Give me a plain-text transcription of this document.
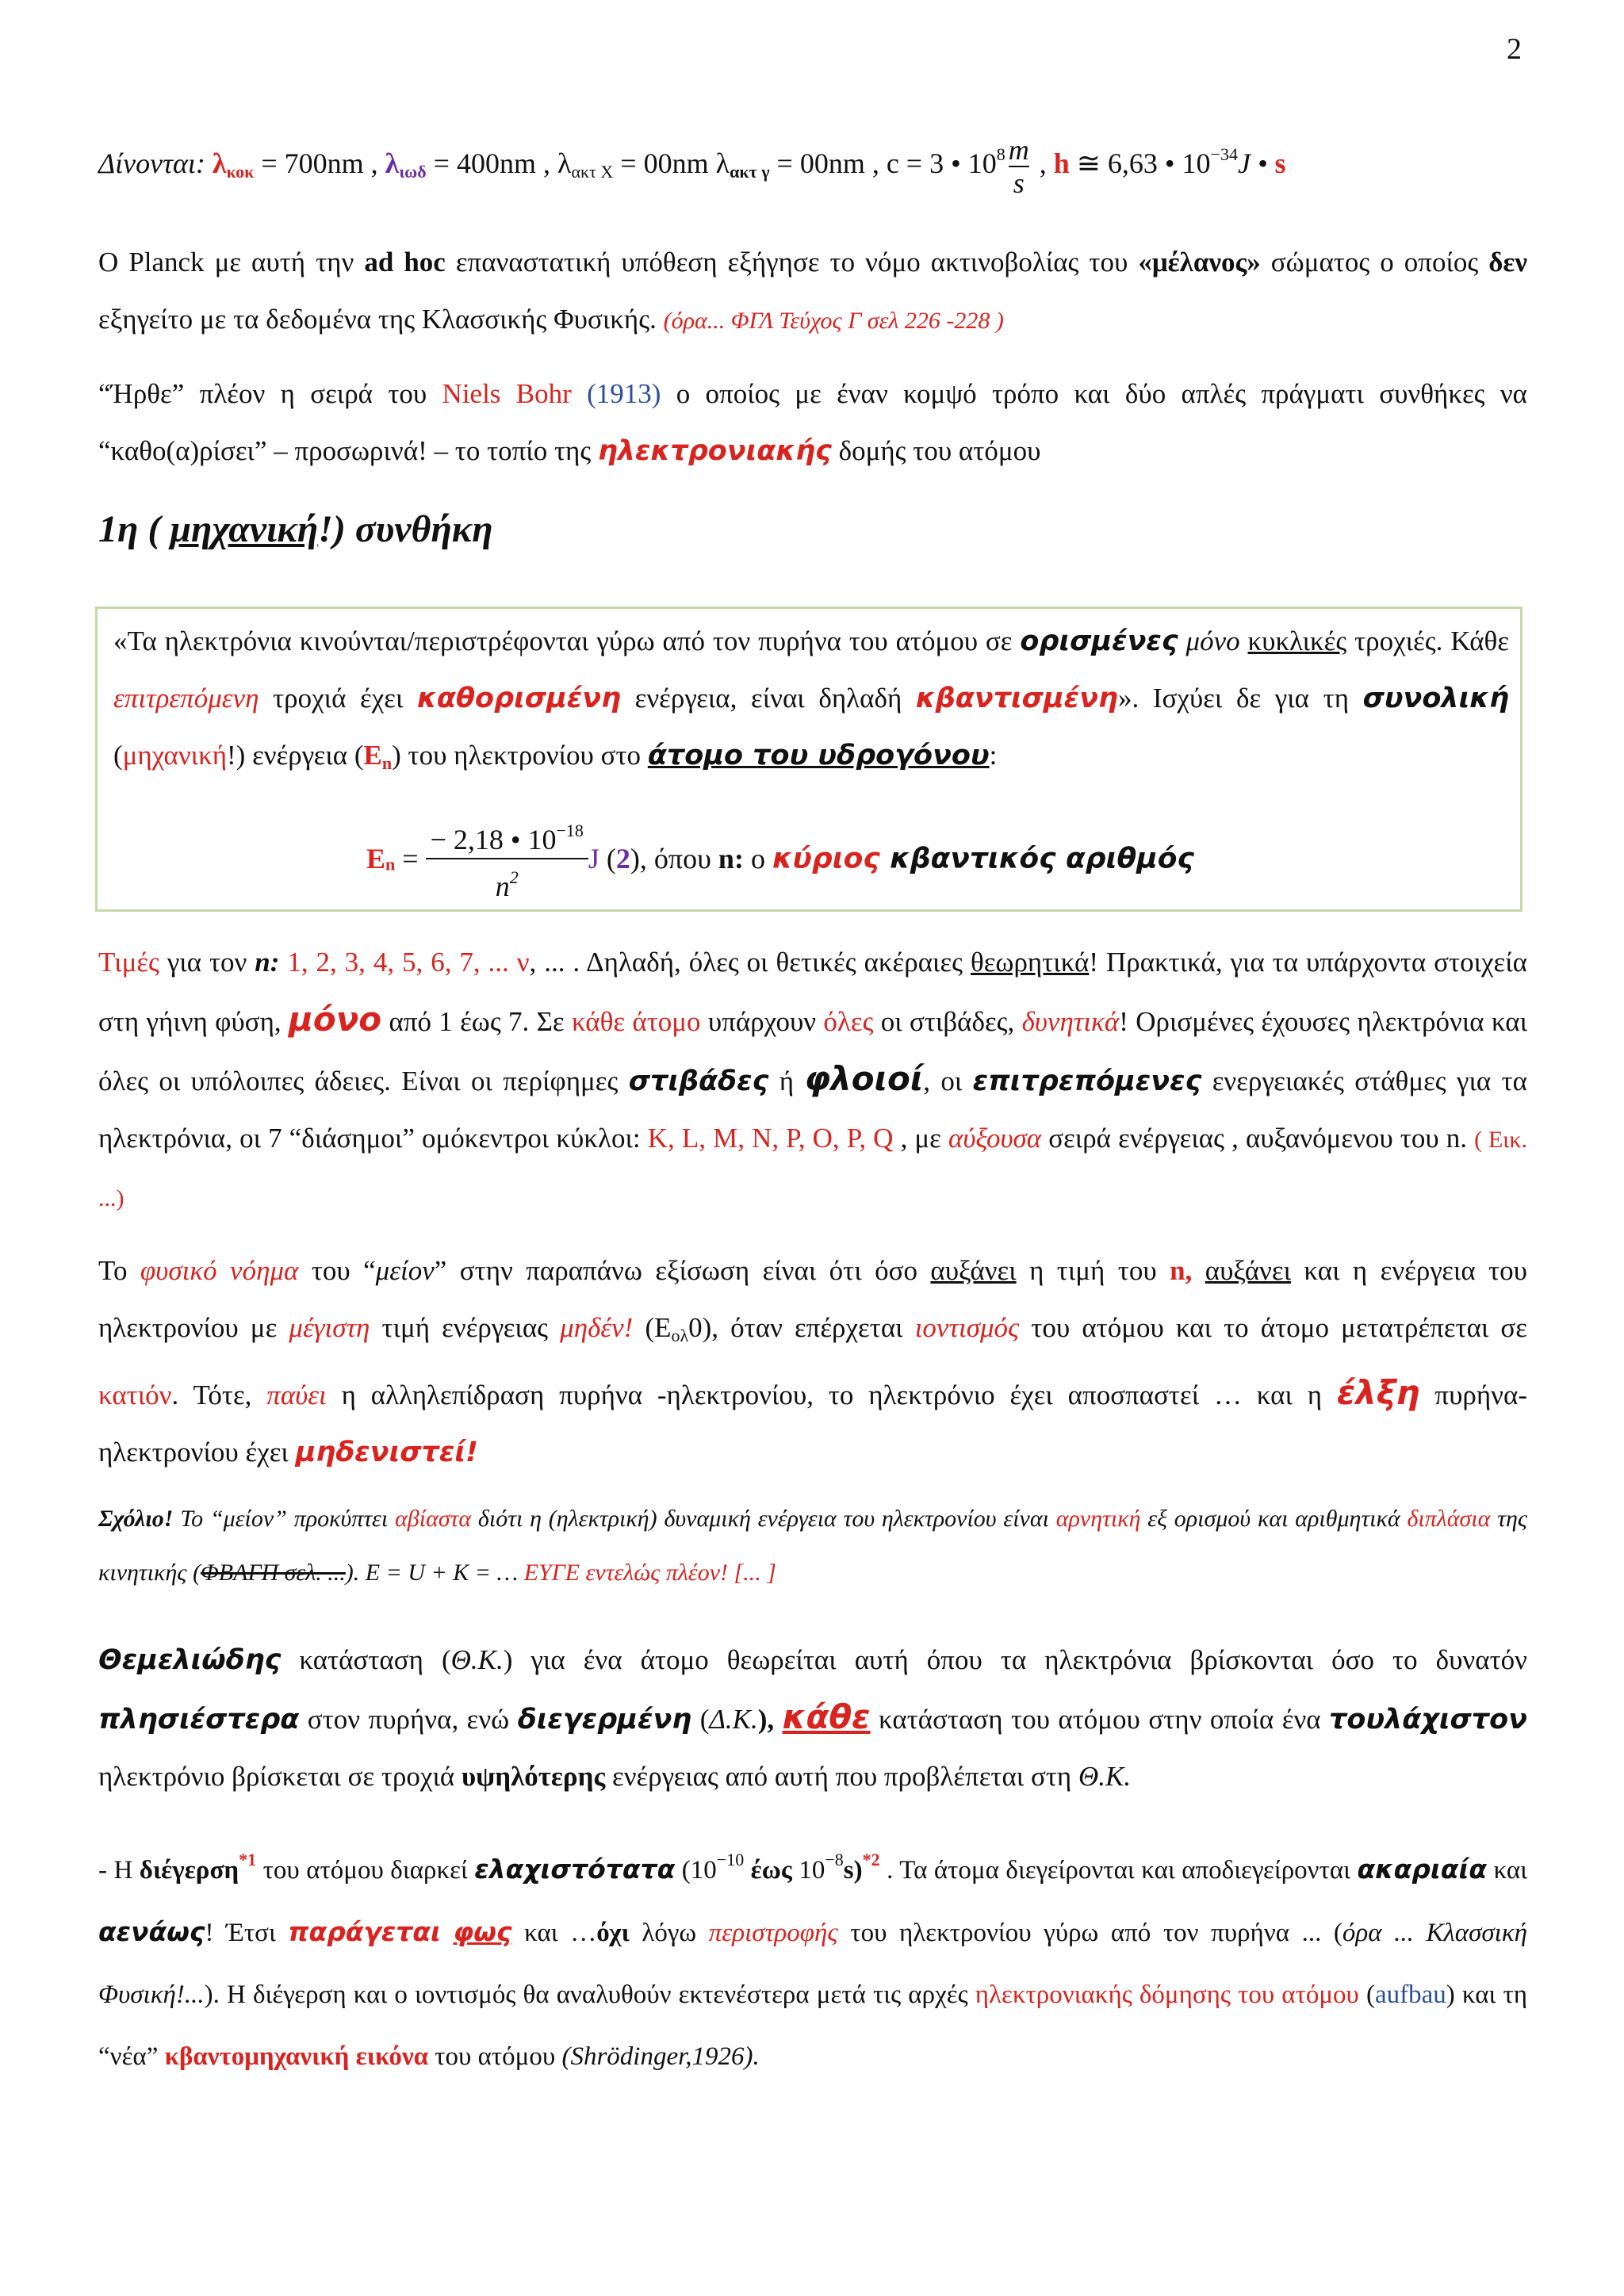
2
Δίνονται: $\lambda_{\kappa o\kappa} = 700nm$ , $\lambda_{\iota\omega\delta} = 400nm$ , $\lambda_{\alpha\kappa\tau X} = 00nm$ $\lambda_{\alpha\kappa\tau \gamma} = 00nm$ , c = 3 • $10^8 \frac{m}{s}$ , h ≅ 6,63 • $10^{-34}J$ • s

Ο Planck με αυτή την ad hoc επαναστατική υπόθεση εξήγησε το νόμο ακτινοβολίας του «μέλανος» σώματος ο οποίος δεν εξηγείτο με τα δεδομένα της Κλασσικής Φυσικής. (όρα... ΦΓΛ Τεύχος Γ σελ 226 -228 )

“Ήρθε” πλέον η σειρά του Niels Bohr (1913) ο οποίος με έναν κομψό τρόπο και δύο απλές πράγματι συνθήκες να “καθο(α)ρίσει” – προσωρινά! – το τοπίο της ηλεκτρονιακής δομής του ατόμου

1η ( μηχανική!) συνθήκη

«Τα ηλεκτρόνια κινούνται/περιστρέφονται γύρω από τον πυρήνα του ατόμου σε ορισμένες μόνο κυκλικές τροχιές. Κάθε επιτρεπόμενη τροχιά έχει καθορισμένη ενέργεια, είναι δηλαδή κβαντισμένη». Ισχύει δε για τη συνολική (μηχανική!) ενέργεια $(E_n)$ του ηλεκτρονίου στο άτομο του υδρογόνου:

$E_n = \frac{- 2,18 • 10^{-18}}{n^2}$ J (2), όπου n: ο κύριος κβαντικός αριθμός

Τιμές για τον n: 1, 2, 3, 4, 5, 6, 7, ... ν, ... . Δηλαδή, όλες οι θετικές ακέραιες θεωρητικά! Πρακτικά, για τα υπάρχοντα στοιχεία στη γήινη φύση, μόνο από 1 έως 7. Σε κάθε άτομο υπάρχουν όλες οι στιβάδες, δυνητικά! Ορισμένες έχουσες ηλεκτρόνια και όλες οι υπόλοιπες άδειες. Είναι οι περίφημες στιβάδες ή φλοιοί, οι επιτρεπόμενες ενεργειακές στάθμες για τα ηλεκτρόνια, οι 7 “διάσημοι” ομόκεντροι κύκλοι: K, L, M, N, P, O, P, Q , με αύξουσα σειρά ενέργειας , αυξανόμενου του n. ( Εικ. ...)

Το φυσικό νόημα του “μείον” στην παραπάνω εξίσωση είναι ότι όσο αυξάνει η τιμή του n, αυξάνει και η ενέργεια του ηλεκτρονίου με μέγιστη τιμή ενέργειας μηδέν! $(E_{o\lambda}0)$, όταν επέρχεται ιοντισμός του ατόμου και το άτομο μετατρέπεται σε κατιόν. Τότε, παύει η αλληλεπίδραση πυρήνα -ηλεκτρονίου, το ηλεκτρόνιο έχει αποσπαστεί … και η έλξη πυρήνα-ηλεκτρονίου έχει μηδενιστεί!

Σχόλιο! Το “μείον” προκύπτει αβίαστα διότι η (ηλεκτρική) δυναμική ενέργεια του ηλεκτρονίου είναι αρνητική εξ ορισμού και αριθμητικά διπλάσια της κινητικής (ΦΒΑΓΠ σελ. ...). E = U + K = … ΕΥΓΕ εντελώς πλέον! [... ]

Θεμελιώδης κατάσταση (Θ.Κ.) για ένα άτομο θεωρείται αυτή όπου τα ηλεκτρόνια βρίσκονται όσο το δυνατόν πλησιέστερα στον πυρήνα, ενώ διεγερμένη (Δ.Κ.), κάθε κατάσταση του ατόμου στην οποία ένα τουλάχιστον ηλεκτρόνιο βρίσκεται σε τροχιά υψηλότερης ενέργειας από αυτή που προβλέπεται στη Θ.Κ.

- Η διέγερση$^{*1}$ του ατόμου διαρκεί ελαχιστότατα ($10^{-10}$ έως $10^{-8}s)^{*2}$ . Τα άτομα διεγείρονται και αποδιεγείρονται ακαριαία και αενάως! Έτσι παράγεται φως και …όχι λόγω περιστροφής του ηλεκτρονίου γύρω από τον πυρήνα ... (όρα ... Κλασσική Φυσική!...). Η διέγερση και ο ιοντισμός θα αναλυθούν εκτενέστερα μετά τις αρχές ηλεκτρονιακής δόμησης του ατόμου (aufbau) και τη “νέα” κβαντομηχανική εικόνα του ατόμου (Shrödinger,1926).
